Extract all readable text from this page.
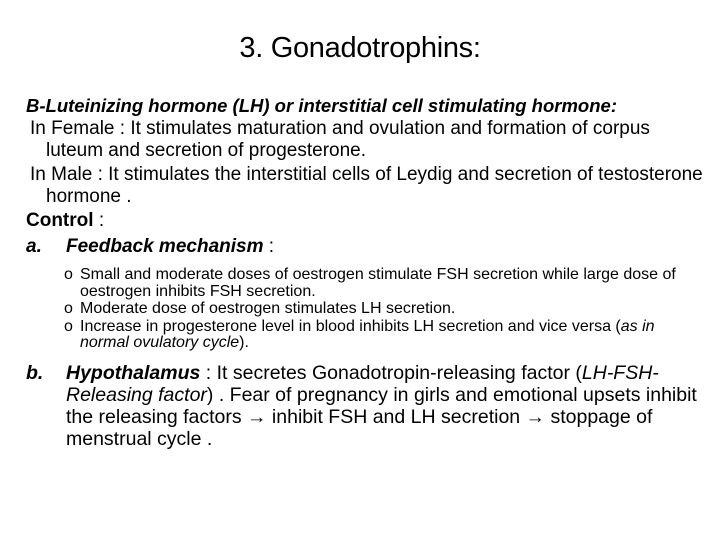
3. Gonadotrophins:

B-Luteinizing hormone (LH) or interstitial cell stimulating hormone:

In Female : It stimulates maturation and ovulation and formation of corpus luteum and secretion of progesterone.

In Male : It stimulates the interstitial cells of Leydig and secretion of testosterone hormone .

Control :

a.	Feedback mechanism :
o Small and moderate doses of oestrogen stimulate FSH secretion while large dose of oestrogen inhibits FSH secretion.
o Moderate dose of oestrogen stimulates LH secretion.
o Increase in progesterone level in blood inhibits LH secretion and vice versa (as in normal ovulatory cycle).
b.	Hypothalamus : It secretes Gonadotropin-releasing factor (LH-FSH-Releasing factor) . Fear of pregnancy in girls and emotional upsets inhibit the releasing factors → inhibit FSH and LH secretion → stoppage of menstrual cycle .
